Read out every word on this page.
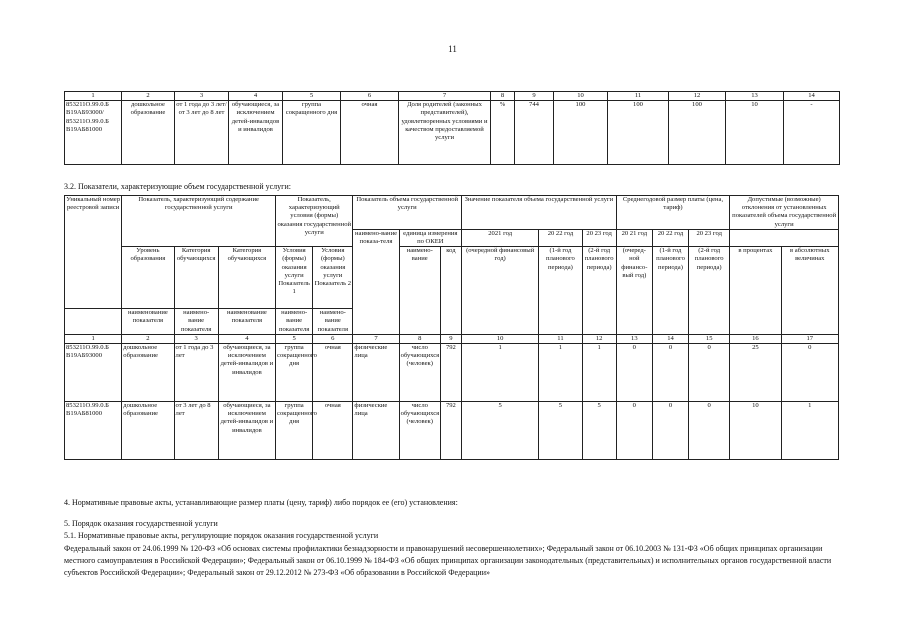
11
1	2	3	4	5	6	7	8	9	10	11	12	13	14
853211О.99.0.Б В19АБ93000/ 853211О.99.0.Б В19АБ81000	дошкольное образование	от 1 года до 3 лет/ от 3 лет до 8 лет	обучающиеся, за исключением детей-инвалидов и инвалидов	группа сокращенного дня	очная	Доля родителей (законных представителей), удовлетворенных условиями и качеством предоставляемой услуги	%	744	100	100	100	10	-
3.2. Показатели, характеризующие объем государственной услуги:
Уникальный номер реестровой записи	Показатель, характеризующий содержание государственной услуги			Показатель, характеризующий условия (формы) оказания государственной услуги		Показатель объема государственной услуги			Значение показателя объема государственной услуги			Среднегодовой размер платы (цена, тариф)			Допустимые (возможные) отклонения от установленных показателей объема государственной услуги	
						наимено-вание показа-теля	единица измерения по ОКЕИ		2021 год	20 22 год	20 23 год	20 21 год	20 22 год	20 23 год		
	Уровень образования	Категория обучающихся	Категория обучающихся	Условия (формы) оказания услуги Показатель 1	Условия (формы) оказания услуги Показатель 2		наимено-вание	код	(очередной финансовый год)	(1-й год планового периода)	(2-й год планового периода)	(очеред-ной финансо-вый год)	(1-й год планового периода)	(2-й год планового периода)	в процентах	в абсолютных величинах
	наименование показателя	наимено-вание показателя	наименование показателя	наимено-вание показателя	наимено-вание показателя											
1	2	3	4	5	6	7	8	9	10	11	12	13	14	15	16	17
853211О.99.0.Б В19АБ93000	дошкольное образование	от 1 года до 3 лет	обучающиеся, за исключением детей-инвалидов и инвалидов	группа сокращенного дня	очная	физические лица	число обучающихся (человек)	792	1	1	1	0	0	0	25	0
853211О.99.0.Б В19АБ81000	дошкольное образование	от 3 лет до 8 лет	обучающиеся, за исключением детей-инвалидов и инвалидов	группа сокращенного дня	очная	физические лица	число обучающихся (человек)	792	5	5	5	0	0	0	10	1
4. Нормативные правовые акты, устанавливающие размер платы (цену, тариф) либо порядок ее (его) установления:
5. Порядок оказания государственной услуги
5.1. Нормативные правовые акты, регулирующие порядок оказания государственной услуги
Федеральный закон от 24.06.1999 № 120-ФЗ «Об основах системы профилактики безнадзорности и правонарушений несовершеннолетних»; Федеральный закон от 06.10.2003 № 131-ФЗ «Об общих принципах организации местного самоуправления в Российской Федерации»; Федеральный закон от 06.10.1999 № 184-ФЗ «Об общих принципах организации законодательных (представительных) и исполнительных органов государственной власти субъектов Российской Федерации»; Федеральный закон от 29.12.2012 № 273-ФЗ «Об образовании в Российской Федерации»
